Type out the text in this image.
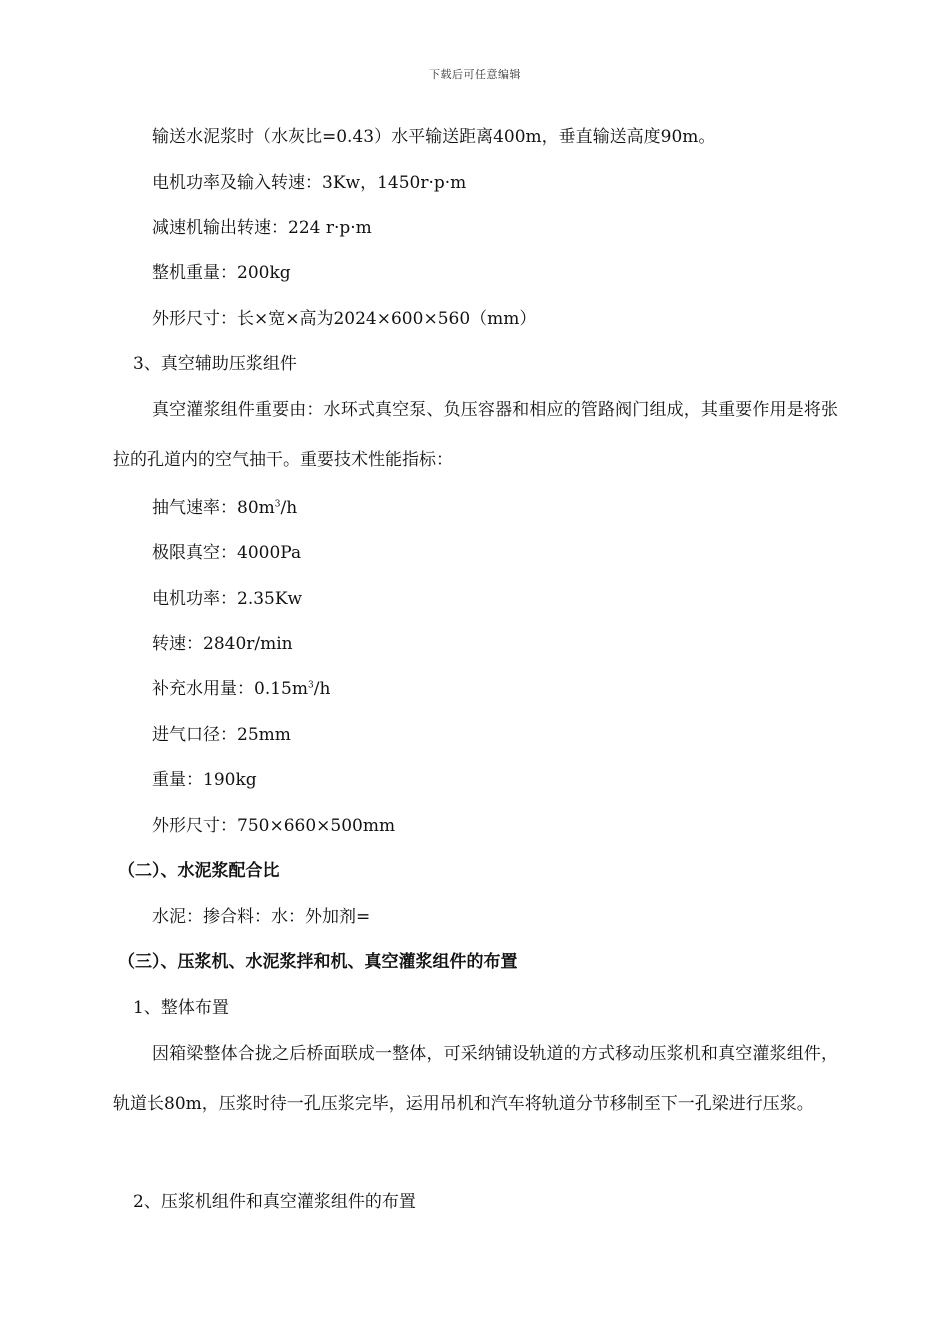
下载后可任意编辑
输送水泥浆时（水灰比=0.43）水平输送距离400m，垂直输送高度90m。
电机功率及输入转速：3Kw，1450r·p·m
减速机输出转速：224 r·p·m
整机重量：200kg
外形尺寸：长×宽×高为2024×600×560（mm）
3、真空辅助压浆组件
真空灌浆组件重要由：水环式真空泵、负压容器和相应的管路阀门组成，其重要作用是将张拉的孔道内的空气抽干。重要技术性能指标：
抽气速率：$80m^3/h$
极限真空：4000Pa
电机功率：2.35Kw
转速：2840r/min
补充水用量：$0.15m^3/h$
进气口径：25mm
重量：190kg
外形尺寸：750×660×500mm
（二）、水泥浆配合比
水泥：掺合料：水：外加剂=
（三）、压浆机、水泥浆拌和机、真空灌浆组件的布置
1、整体布置
因箱梁整体合拢之后桥面联成一整体，可采纳铺设轨道的方式移动压浆机和真空灌浆组件，轨道长80m，压浆时待一孔压浆完毕，运用吊机和汽车将轨道分节移制至下一孔梁进行压浆。
2、压浆机组件和真空灌浆组件的布置
